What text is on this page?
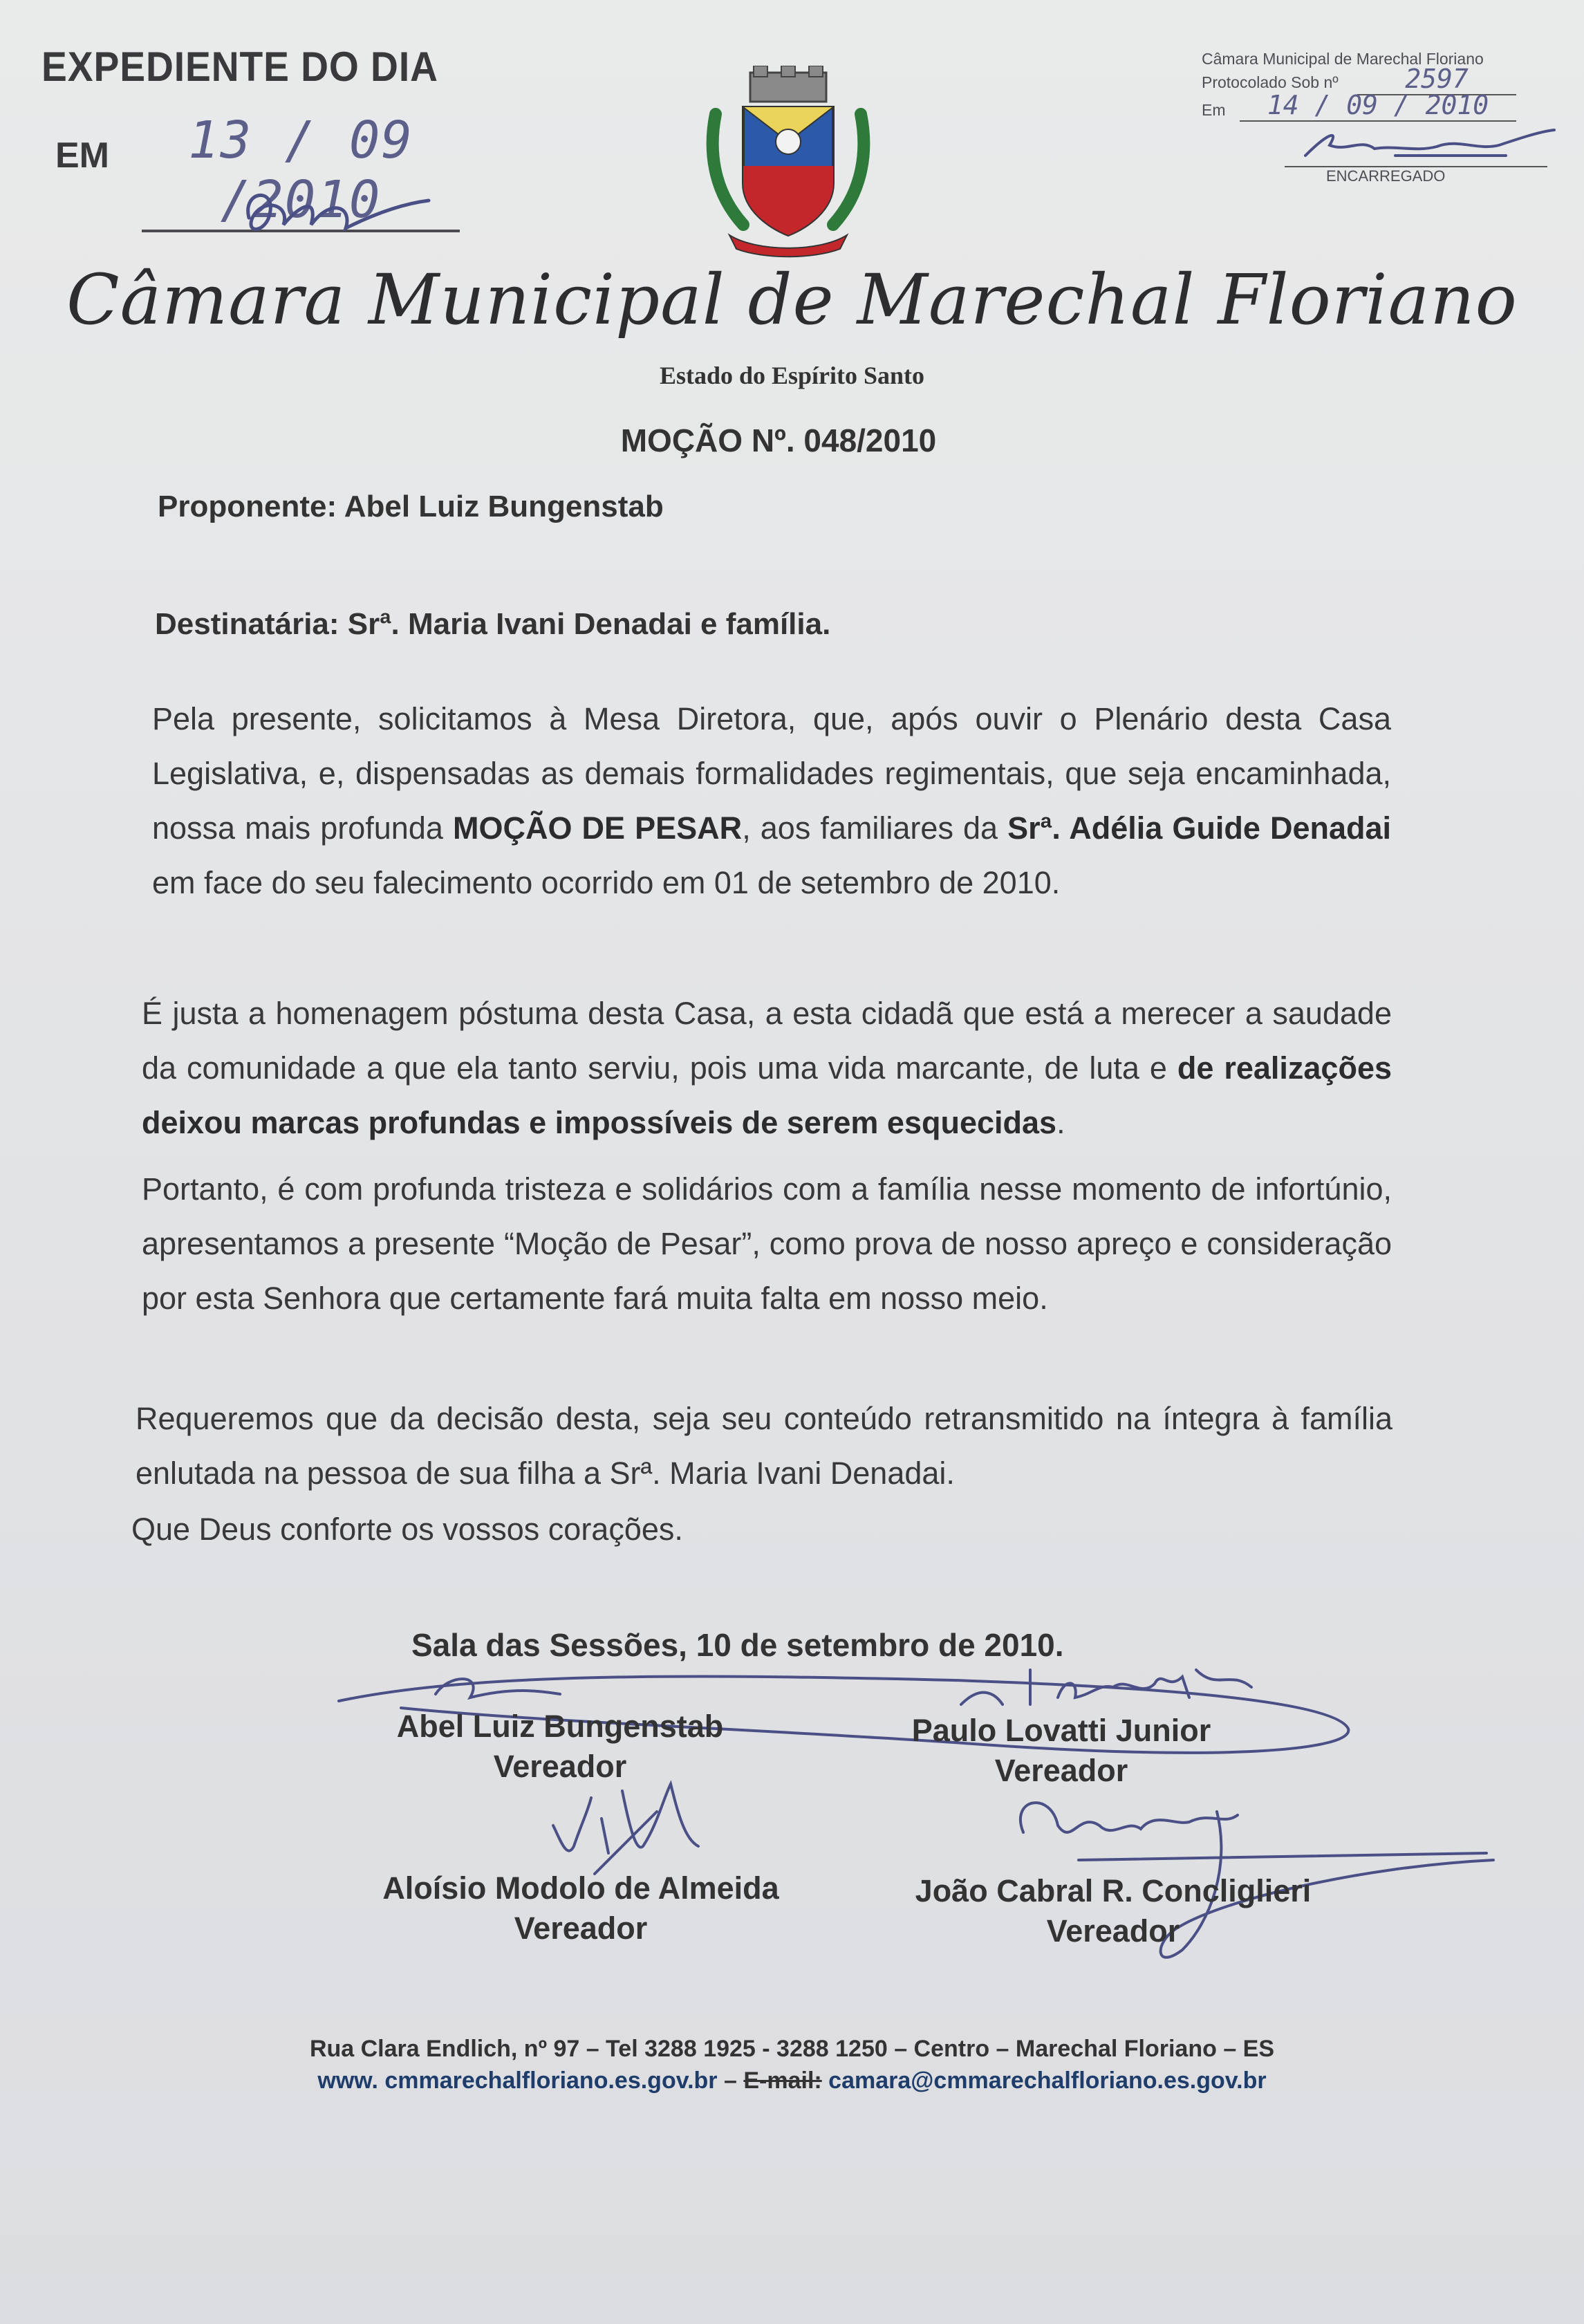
EXPEDIENTE DO DIA
EM	13 / 09 /2010
Câmara Municipal de Marechal Floriano
Protocolado Sob nº	2597
Em	14 / 09 / 2010
ENCARREGADO
Câmara Municipal de Marechal Floriano
Estado do Espírito Santo
MOÇÃO Nº. 048/2010
Proponente: Abel Luiz Bungenstab
Destinatária: Srª. Maria Ivani Denadai e família.
Pela presente, solicitamos à Mesa Diretora, que, após ouvir o Plenário desta Casa Legislativa, e, dispensadas as demais formalidades regimentais, que seja encaminhada, nossa mais profunda MOÇÃO DE PESAR, aos familiares da Srª. Adélia Guide Denadai em face do seu falecimento ocorrido em 01 de setembro de 2010.
É justa a homenagem póstuma desta Casa, a esta cidadã que está a merecer a saudade da comunidade a que ela tanto serviu, pois uma vida marcante, de luta e de realizações deixou marcas profundas e impossíveis de serem esquecidas.
Portanto, é com profunda tristeza e solidários com a família nesse momento de infortúnio, apresentamos a presente “Moção de Pesar”, como prova de nosso apreço e consideração por esta Senhora que certamente fará muita falta em nosso meio.
Requeremos que da decisão desta, seja seu conteúdo retransmitido na íntegra à família enlutada na pessoa de sua filha a Srª. Maria Ivani Denadai.
Que Deus conforte os vossos corações.
Sala das Sessões, 10 de setembro de 2010.
Abel Luiz Bungenstab
Vereador
Paulo Lovatti Junior
Vereador
Aloísio Modolo de Almeida
Vereador
João Cabral R. Concliglieri
Vereador
Rua Clara Endlich, nº 97 – Tel 3288 1925 - 3288 1250 – Centro – Marechal Floriano – ES
www. cmmarechalfloriano.es.gov.br – E-mail: camara@cmmarechalfloriano.es.gov.br
